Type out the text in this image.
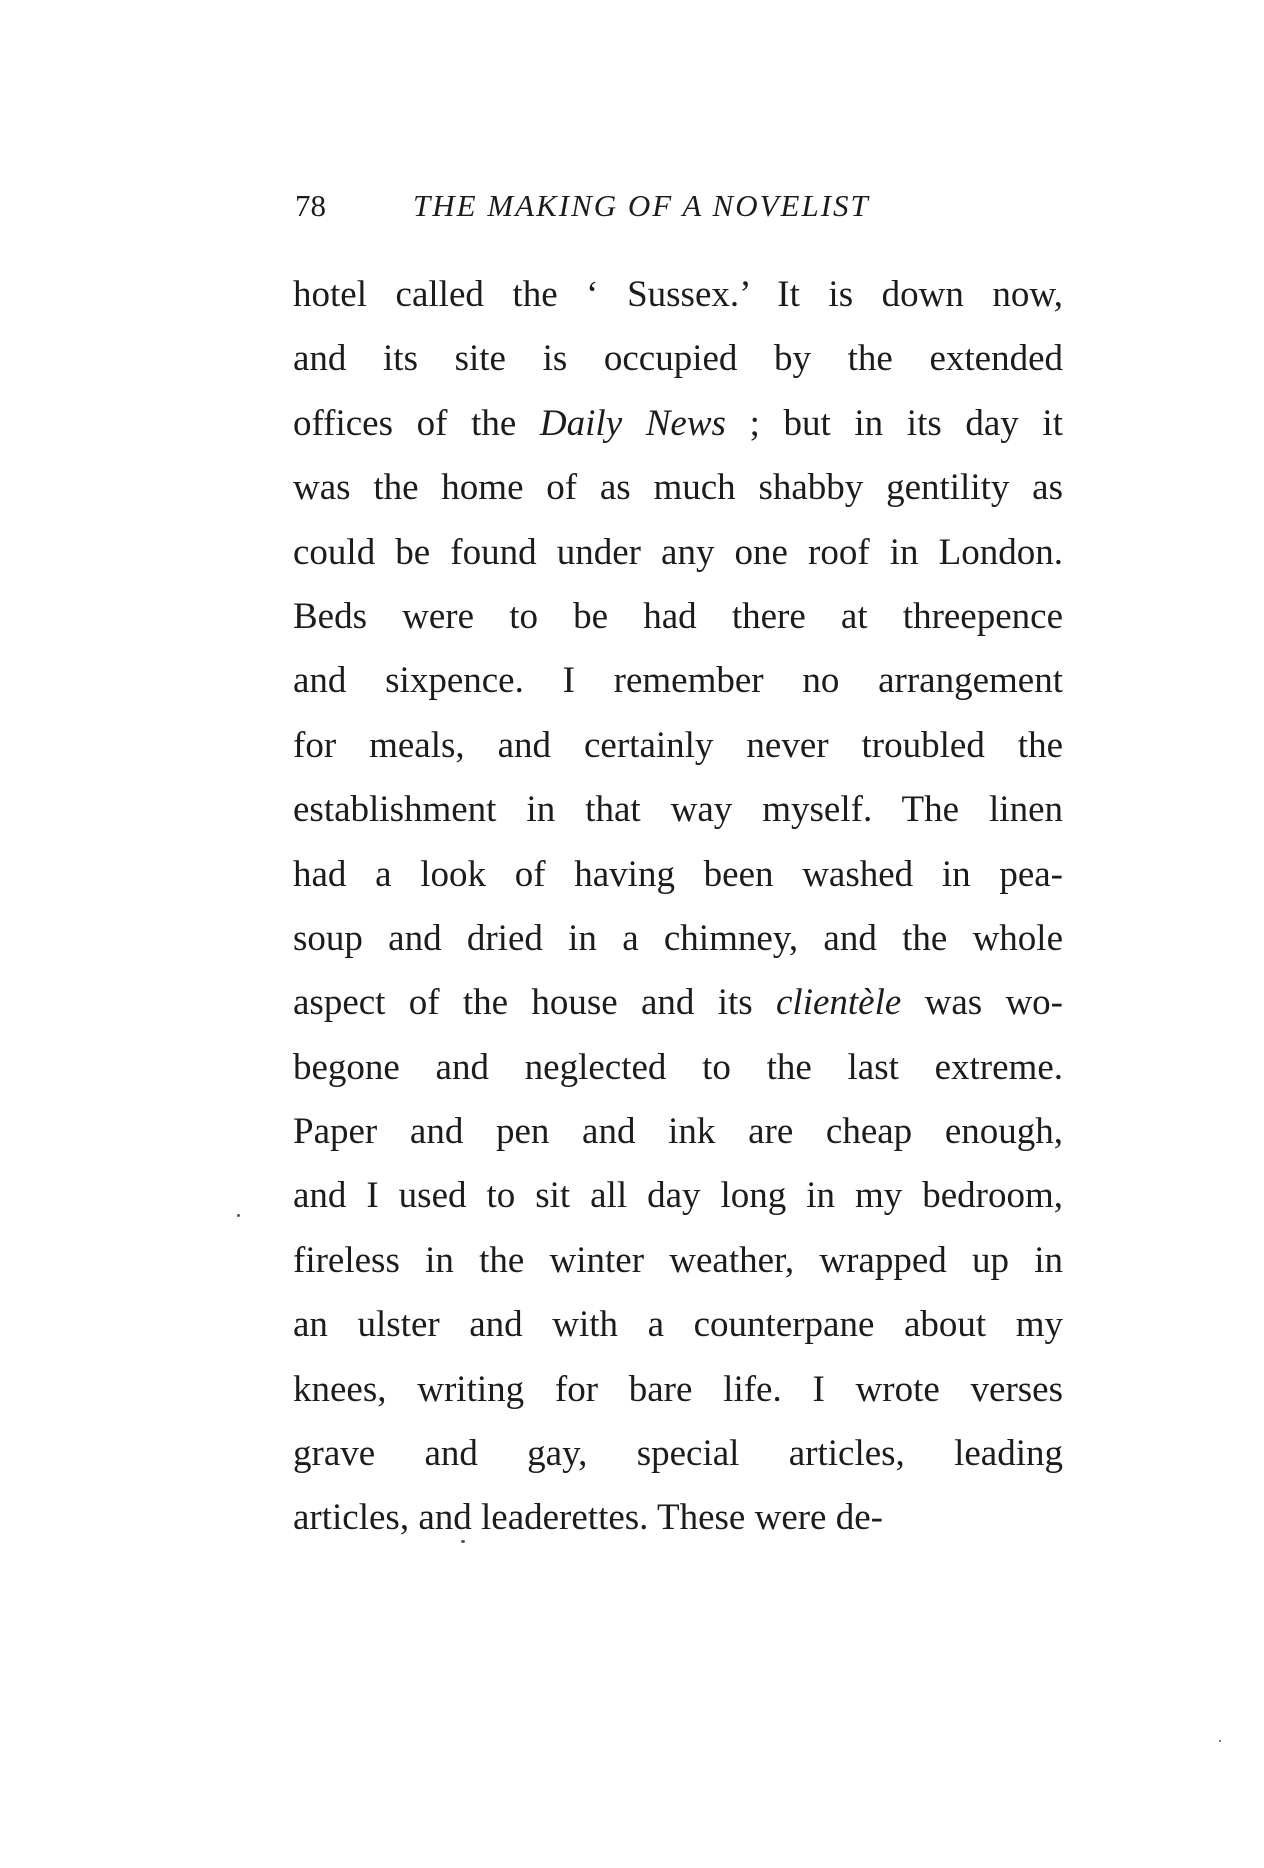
78	THE MAKING OF A NOVELIST
hotel called the ‘ Sussex.’ It is down now,
and its site is occupied by the extended
offices of the Daily News ; but in its day it
was the home of as much shabby gentility as
could be found under any one roof in London.
Beds were to be had there at threepence
and sixpence. I remember no arrangement
for meals, and certainly never troubled the
establishment in that way myself. The linen
had a look of having been washed in pea-
soup and dried in a chimney, and the whole
aspect of the house and its clientèle was wo-
begone and neglected to the last extreme.
Paper and pen and ink are cheap enough,
and I used to sit all day long in my bedroom,
fireless in the winter weather, wrapped up in
an ulster and with a counterpane about my
knees, writing for bare life. I wrote verses
grave and gay, special articles, leading
articles, and leaderettes. These were de-
